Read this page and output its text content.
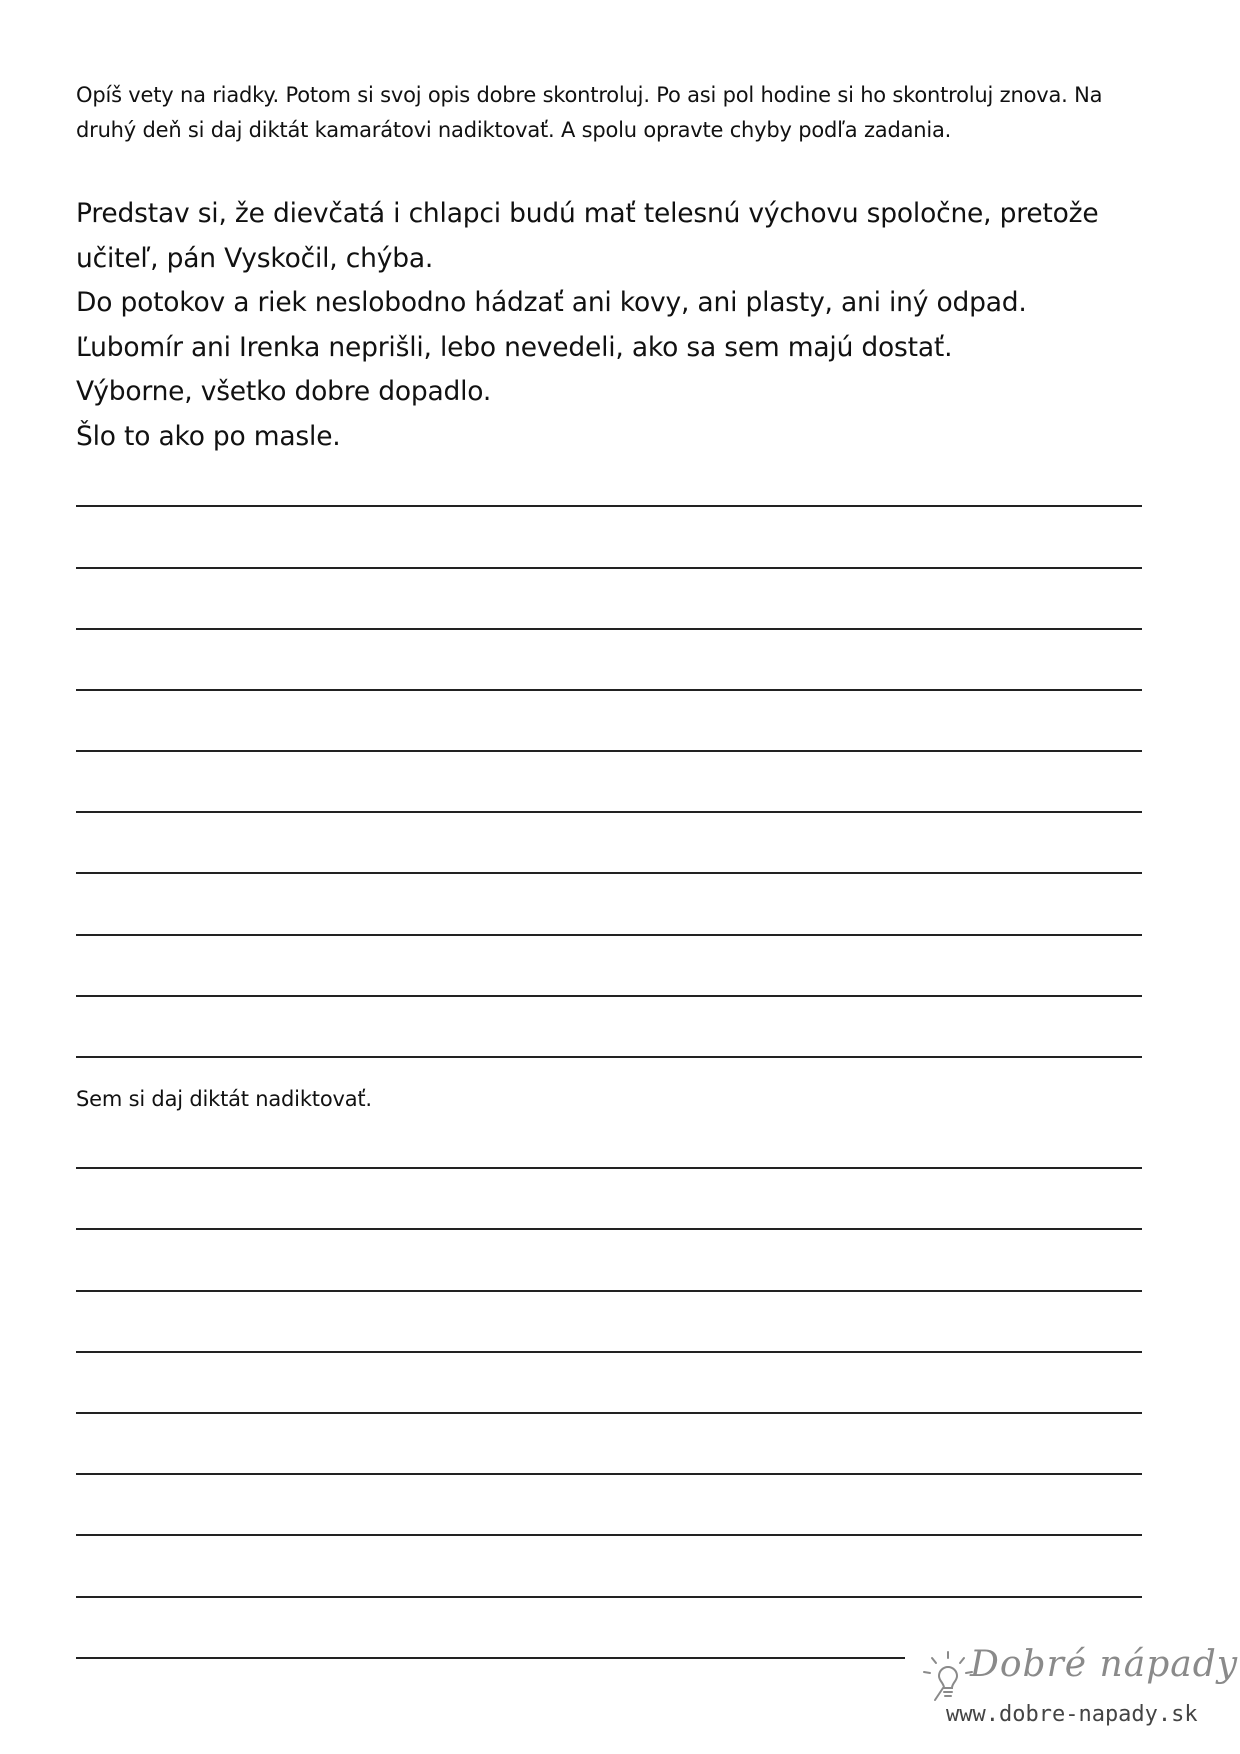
Opíš vety na riadky. Potom si svoj opis dobre skontroluj. Po asi pol hodine si ho skontroluj znova. Na druhý deň si daj diktát kamarátovi nadiktovať. A spolu opravte chyby podľa zadania.

Predstav si, že dievčatá i chlapci budú mať telesnú výchovu spoločne, pretože učiteľ, pán Vyskočil, chýba.

Do potokov a riek neslobodno hádzať ani kovy, ani plasty, ani iný odpad.

Ľubomír ani Irenka neprišli, lebo nevedeli, ako sa sem majú dostať.

Výborne, všetko dobre dopadlo.

Šlo to ako po masle.

Sem si daj diktát nadiktovať.
Dobré nápady
www.dobre-napady.sk
